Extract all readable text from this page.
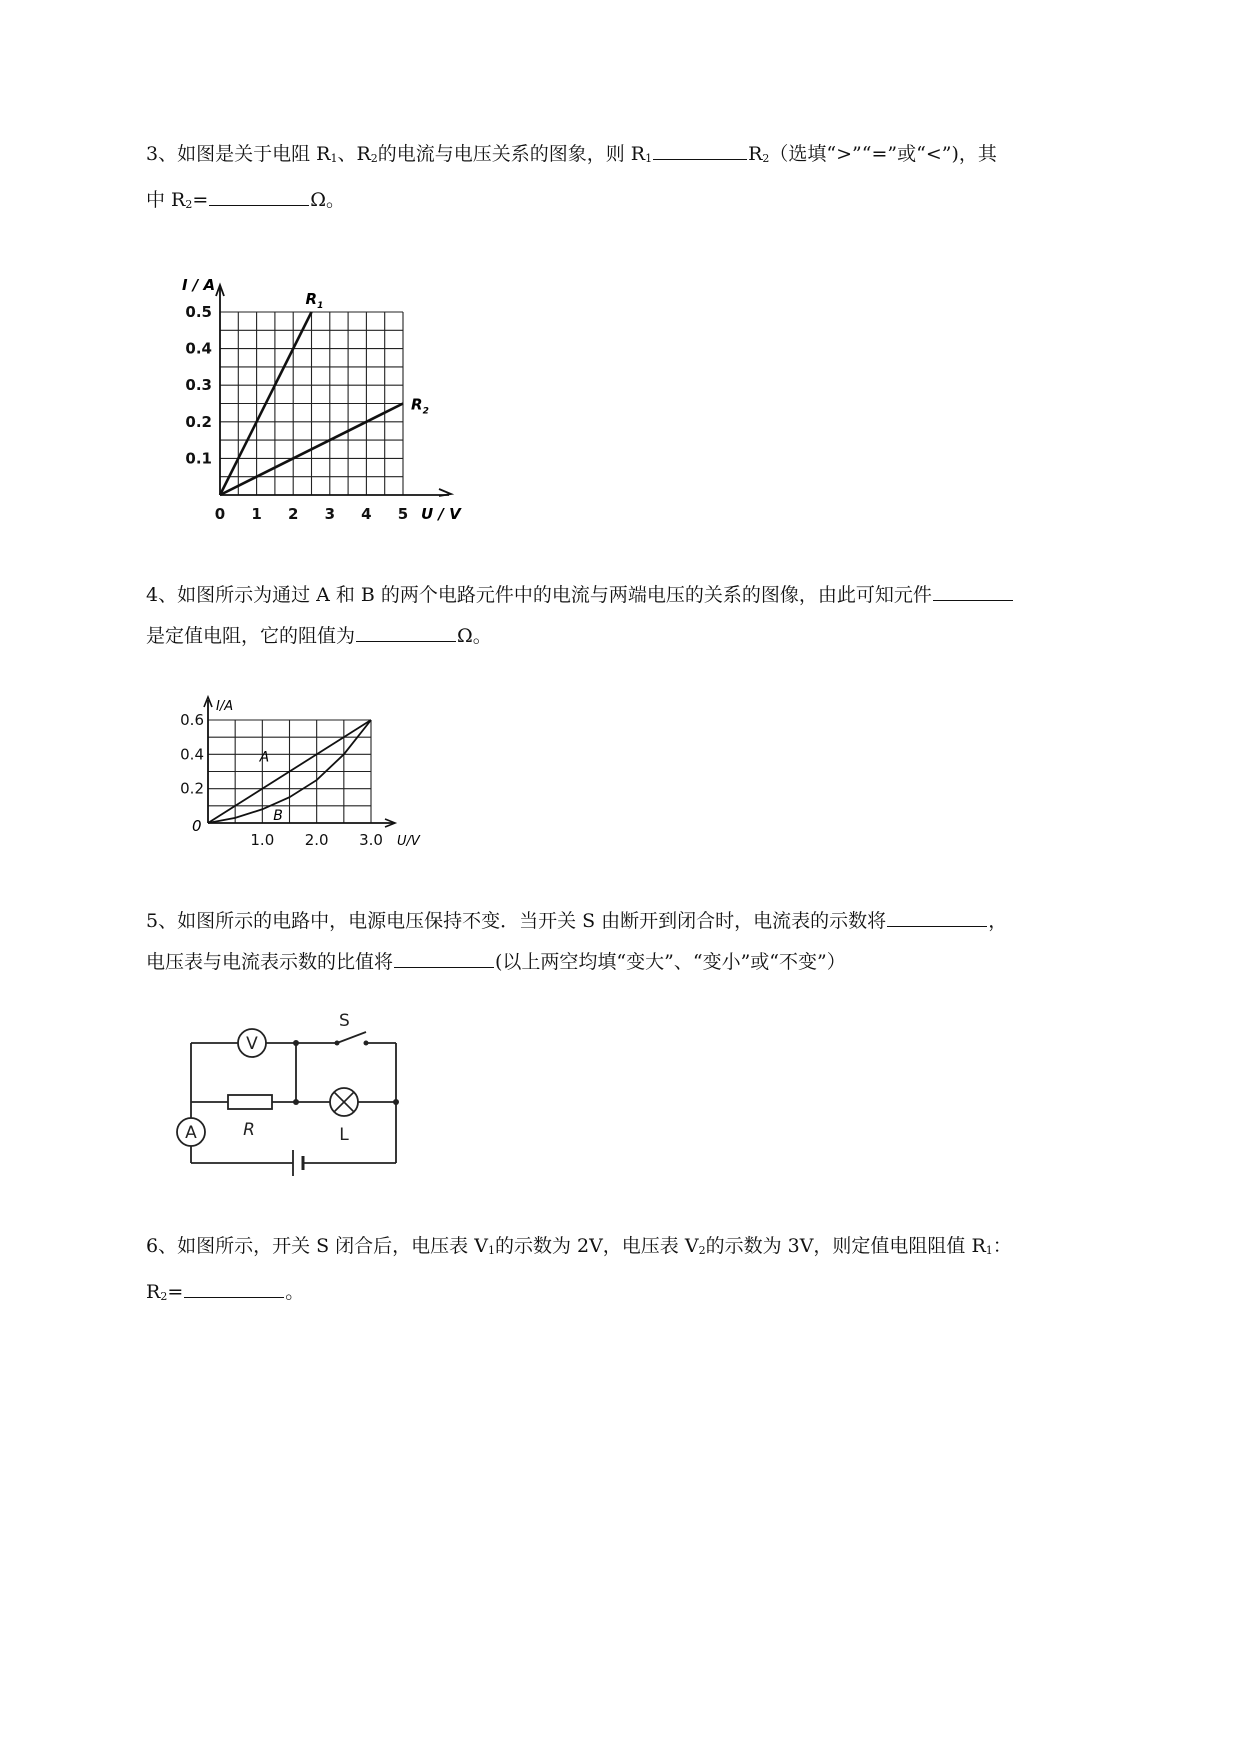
3、如图是关于电阻 $R_1$、$R_2$的电流与电压关系的图象，则 $R_1$	$R_2$（选填“>”“=”或“<”)，其
中 $R_2=$	Ω。
I / A
U / V
0 1 2 3 4 5
0.1
0.2
0.3
0.4
0.5
$R_1$
$R_2$
4、如图所示为通过 A 和 B 的两个电路元件中的电流与两端电压的关系的图像，由此可知元件
是定值电阻，它的阻值为	Ω。
5、如图所示的电路中，电源电压保持不变．当开关 S 由断开到闭合时，电流表的示数将	，
电压表与电流表示数的比值将	(以上两空均填“变大”、“变小”或“不变”）
S
V
R	L
A
I/A
U/V
0
1.0 2.0 3.0
0.2
0.4
0.6
A
B
6、如图所示，开关 S 闭合后，电压表 $V_1$的示数为 2V，电压表 $V_2$的示数为 3V，则定值电阻阻值 $R_1$：
$R_2=$	。
